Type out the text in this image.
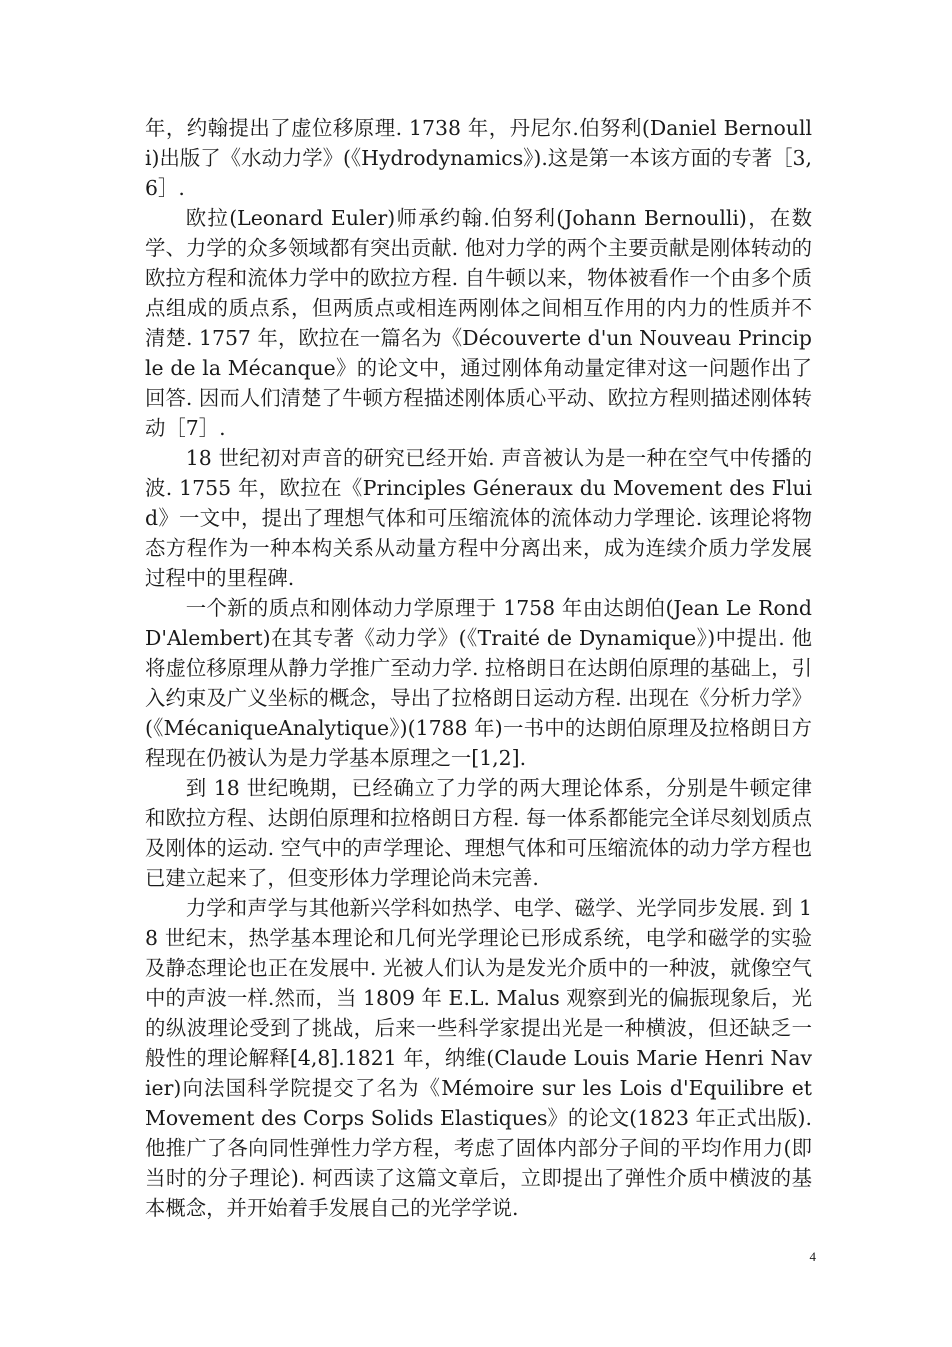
年，约翰提出了虚位移原理. 1738 年，丹尼尔.伯努利(Daniel Bernoulli)出版了《水动力学》(《Hydrodynamics》).这是第一本该方面的专著［3,6］.

欧拉(Leonard Euler)师承约翰.伯努利(Johann Bernoulli)，在数学、力学的众多领域都有突出贡献. 他对力学的两个主要贡献是刚体转动的欧拉方程和流体力学中的欧拉方程. 自牛顿以来，物体被看作一个由多个质点组成的质点系，但两质点或相连两刚体之间相互作用的内力的性质并不清楚. 1757 年，欧拉在一篇名为《Découverte d'un Nouveau Principle de la Mécanque》的论文中，通过刚体角动量定律对这一问题作出了回答. 因而人们清楚了牛顿方程描述刚体质心平动、欧拉方程则描述刚体转动［7］.

18 世纪初对声音的研究已经开始. 声音被认为是一种在空气中传播的波. 1755 年，欧拉在《Principles Géneraux du Movement des Fluid》一文中，提出了理想气体和可压缩流体的流体动力学理论. 该理论将物态方程作为一种本构关系从动量方程中分离出来，成为连续介质力学发展过程中的里程碑.

一个新的质点和刚体动力学原理于 1758 年由达朗伯(Jean Le Rond D'Alembert)在其专著《动力学》(《Traité de Dynamique》)中提出. 他将虚位移原理从静力学推广至动力学. 拉格朗日在达朗伯原理的基础上，引入约束及广义坐标的概念，导出了拉格朗日运动方程. 出现在《分析力学》(《MécaniqueAnalytique》)(1788 年)一书中的达朗伯原理及拉格朗日方程现在仍被认为是力学基本原理之一[1,2].

到 18 世纪晚期，已经确立了力学的两大理论体系，分别是牛顿定律和欧拉方程、达朗伯原理和拉格朗日方程. 每一体系都能完全详尽刻划质点及刚体的运动. 空气中的声学理论、理想气体和可压缩流体的动力学方程也已建立起来了，但变形体力学理论尚未完善.

力学和声学与其他新兴学科如热学、电学、磁学、光学同步发展. 到 18 世纪末，热学基本理论和几何光学理论已形成系统，电学和磁学的实验及静态理论也正在发展中. 光被人们认为是发光介质中的一种波，就像空气中的声波一样.然而，当 1809 年 E.L. Malus 观察到光的偏振现象后，光的纵波理论受到了挑战，后来一些科学家提出光是一种横波，但还缺乏一般性的理论解释[4,8].1821 年，纳维(Claude Louis Marie Henri Navier)向法国科学院提交了名为《Mémoire sur les Lois d'Equilibre et Movement des Corps Solids Elastiques》的论文(1823 年正式出版). 他推广了各向同性弹性力学方程，考虑了固体内部分子间的平均作用力(即当时的分子理论). 柯西读了这篇文章后，立即提出了弹性介质中横波的基本概念，并开始着手发展自己的光学学说.

4
